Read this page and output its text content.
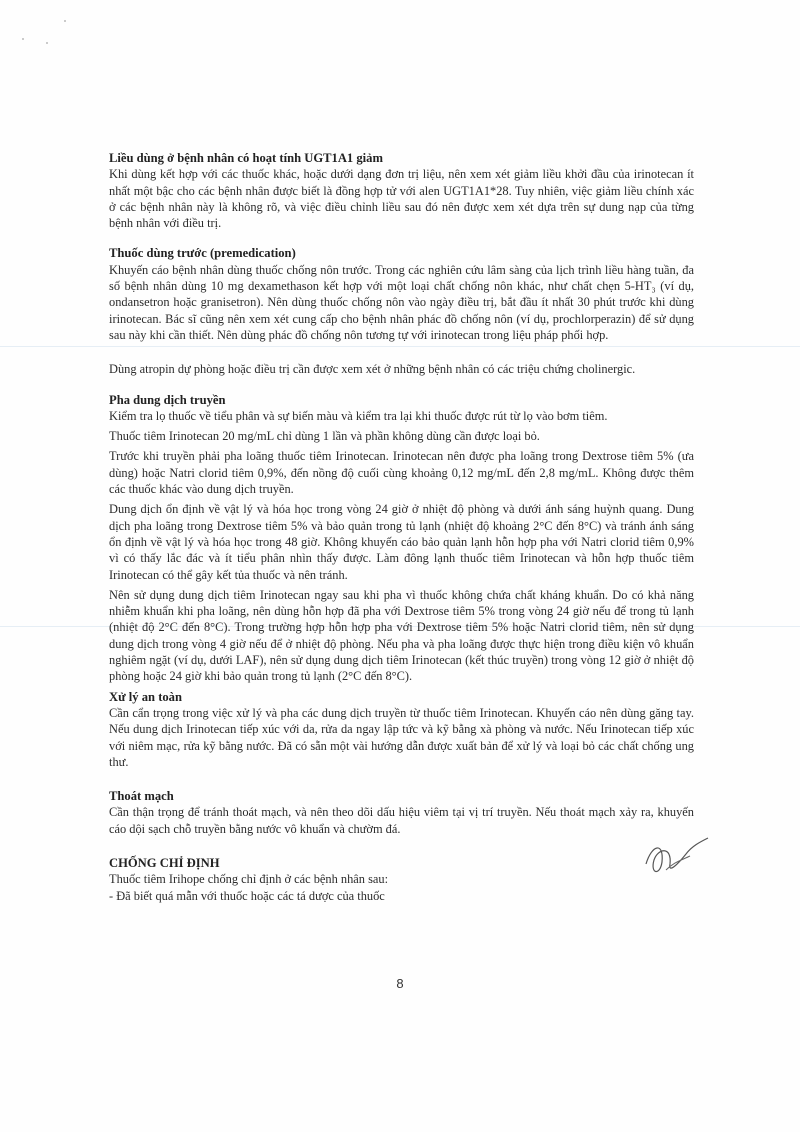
Liều dùng ở bệnh nhân có hoạt tính UGT1A1 giảm

Khi dùng kết hợp với các thuốc khác, hoặc dưới dạng đơn trị liệu, nên xem xét giảm liều khởi đầu của irinotecan ít nhất một bậc cho các bệnh nhân được biết là đồng hợp tử với alen UGT1A1*28. Tuy nhiên, việc giảm liều chính xác ở các bệnh nhân này là không rõ, và việc điều chỉnh liều sau đó nên được xem xét dựa trên sự dung nạp của từng bệnh nhân với điều trị.

Thuốc dùng trước (premedication)

Khuyến cáo bệnh nhân dùng thuốc chống nôn trước. Trong các nghiên cứu lâm sàng của lịch trình liều hàng tuần, đa số bệnh nhân dùng 10 mg dexamethason kết hợp với một loại chất chống nôn khác, như chất chẹn 5-HT₃ (ví dụ, ondansetron hoặc granisetron). Nên dùng thuốc chống nôn vào ngày điều trị, bắt đầu ít nhất 30 phút trước khi dùng irinotecan. Bác sĩ cũng nên xem xét cung cấp cho bệnh nhân phác đồ chống nôn (ví dụ, prochlorperazin) để sử dụng sau này khi cần thiết. Nên dùng phác đồ chống nôn tương tự với irinotecan trong liệu pháp phối hợp.

Dùng atropin dự phòng hoặc điều trị cần được xem xét ở những bệnh nhân có các triệu chứng cholinergic.

Pha dung dịch truyền

Kiểm tra lọ thuốc về tiểu phân và sự biến màu và kiểm tra lại khi thuốc được rút từ lọ vào bơm tiêm.

Thuốc tiêm Irinotecan 20 mg/mL chỉ dùng 1 lần và phần không dùng cần được loại bỏ.

Trước khi truyền phải pha loãng thuốc tiêm Irinotecan. Irinotecan nên được pha loãng trong Dextrose tiêm 5% (ưa dùng) hoặc Natri clorid tiêm 0,9%, đến nồng độ cuối cùng khoảng 0,12 mg/mL đến 2,8 mg/mL. Không được thêm các thuốc khác vào dung dịch truyền.

Dung dịch ổn định về vật lý và hóa học trong vòng 24 giờ ở nhiệt độ phòng và dưới ánh sáng huỳnh quang. Dung dịch pha loãng trong Dextrose tiêm 5% và bảo quản trong tủ lạnh (nhiệt độ khoảng 2°C đến 8°C) và tránh ánh sáng ổn định về vật lý và hóa học trong 48 giờ. Không khuyến cáo bảo quản lạnh hỗn hợp pha với Natri clorid tiêm 0,9% vì có thấy lắc đác và ít tiểu phân nhìn thấy được. Làm đông lạnh thuốc tiêm Irinotecan và hỗn hợp thuốc tiêm Irinotecan có thể gây kết tủa thuốc và nên tránh.

Nên sử dụng dung dịch tiêm Irinotecan ngay sau khi pha vì thuốc không chứa chất kháng khuẩn. Do có khả năng nhiễm khuẩn khi pha loãng, nên dùng hỗn hợp đã pha với Dextrose tiêm 5% trong vòng 24 giờ nếu để trong tủ lạnh (nhiệt độ 2°C đến 8°C). Trong trường hợp hỗn hợp pha với Dextrose tiêm 5% hoặc Natri clorid tiêm, nên sử dụng dung dịch trong vòng 4 giờ nếu để ở nhiệt độ phòng. Nếu pha và pha loãng được thực hiện trong điều kiện vô khuẩn nghiêm ngặt (ví dụ, dưới LAF), nên sử dụng dung dịch tiêm Irinotecan (kết thúc truyền) trong vòng 12 giờ ở nhiệt độ phòng hoặc 24 giờ khi bảo quản trong tủ lạnh (2°C đến 8°C).

Xử lý an toàn

Cần cẩn trọng trong việc xử lý và pha các dung dịch truyền từ thuốc tiêm Irinotecan. Khuyến cáo nên dùng găng tay. Nếu dung dịch Irinotecan tiếp xúc với da, rửa da ngay lập tức và kỹ bằng xà phòng và nước. Nếu Irinotecan tiếp xúc với niêm mạc, rửa kỹ bằng nước. Đã có sẵn một vài hướng dẫn được xuất bản để xử lý và loại bỏ các chất chống ung thư.

Thoát mạch

Cần thận trọng để tránh thoát mạch, và nên theo dõi dấu hiệu viêm tại vị trí truyền. Nếu thoát mạch xảy ra, khuyến cáo dội sạch chỗ truyền bằng nước vô khuẩn và chườm đá.

CHỐNG CHỈ ĐỊNH

Thuốc tiêm Irihope chống chỉ định ở các bệnh nhân sau:

- Đã biết quá mẫn với thuốc hoặc các tá dược của thuốc

8
